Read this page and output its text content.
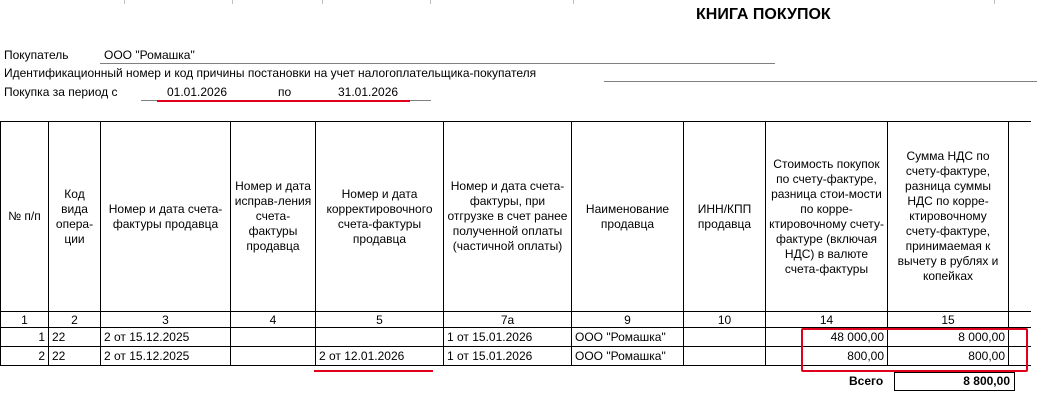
КНИГА ПОКУПОК
Покупатель	ООО "Ромашка"
Идентификационный номер и код причины постановки на учет налогоплательщика-покупателя
Покупка за период с	01.01.2026	по	31.01.2026
№ п/п	Код вида опера-ции	Номер и дата счета-фактуры продавца	Номер и дата исправ-ления счета-фактуры продавца	Номер и дата корректировочного счета-фактуры продавца	Номер и дата счета-фактуры, при отгрузке в счет ранее полученной оплаты (частичной оплаты)	Наименование продавца	ИНН/КПП продавца	Стоимость покупок по счету-фактуре, разница стои-мости по корре-ктировочному счету-фактуре (включая НДС) в валюте счета-фактуры	Сумма НДС по счету-фактуре, разница суммы НДС по корре-ктировочному счету-фактуре, принимаемая к вычету в рублях и копейках	
1	2	3	4	5	7а	9	10	14	15	
1	22	2 от 15.12.2025			1 от 15.01.2026	ООО "Ромашка"		48 000,00	8 000,00	
2	22	2 от 15.12.2025		2 от 12.01.2026	1 от 15.01.2026	ООО "Ромашка"		800,00	800,00	
Всего	8 800,00
